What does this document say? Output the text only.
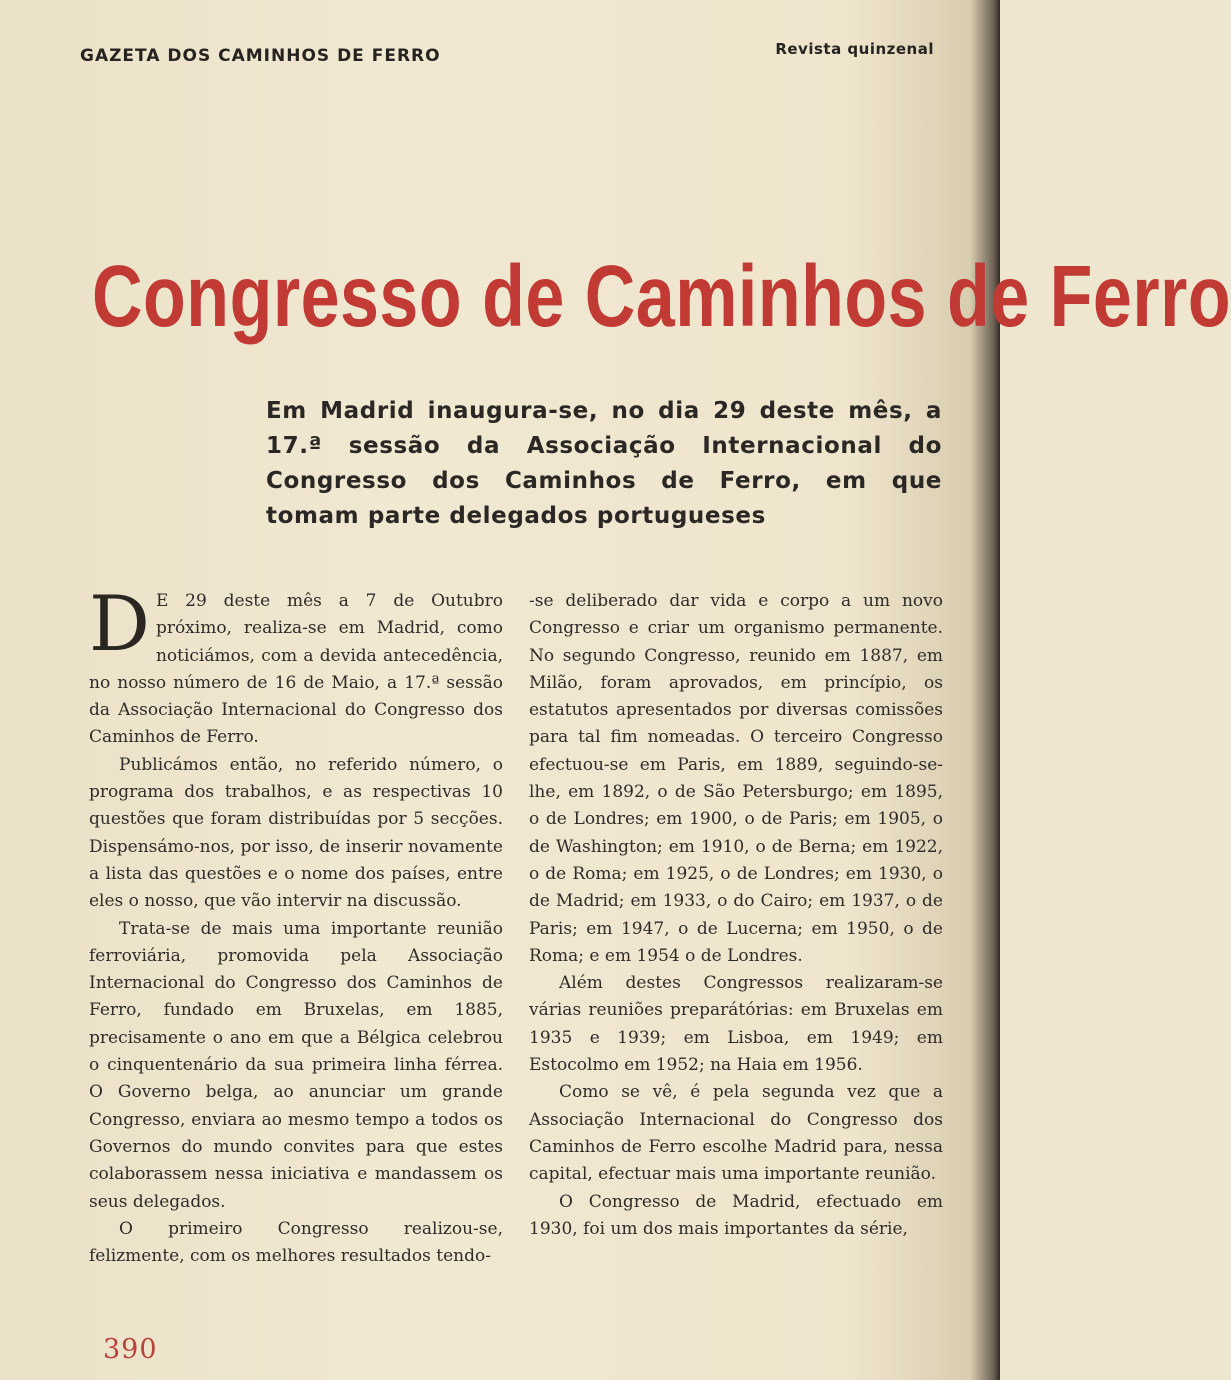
GAZETA DOS CAMINHOS DE FERRO	Revista quinzenal
Congresso de Caminhos de Ferro
Em Madrid inaugura-se, no dia 29 deste mês, a 17.ª sessão da Associação Internacional do Congresso dos Caminhos de Ferro, em que tomam parte delegados portugueses

D E 29 deste mês a 7 de Outubro próximo, realiza-se em Madrid, como noticiámos, com a devida antecedência, no nosso número de 16 de Maio, a 17.ª sessão da Associação Internacional do Congresso dos Caminhos de Ferro.

Publicámos então, no referido número, o programa dos trabalhos, e as respectivas 10 questões que foram distribuídas por 5 secções. Dispensámo-nos, por isso, de inserir novamente a lista das questões e o nome dos países, entre eles o nosso, que vão intervir na discussão.

Trata-se de mais uma importante reunião ferroviária, promovida pela Associação Internacional do Congresso dos Caminhos de Ferro, fundado em Bruxelas, em 1885, precisamente o ano em que a Bélgica celebrou o cinquentenário da sua primeira linha férrea. O Governo belga, ao anunciar um grande Congresso, enviara ao mesmo tempo a todos os Governos do mundo convites para que estes colaborassem nessa iniciativa e mandassem os seus delegados.

O primeiro Congresso realizou-se, felizmente, com os melhores resultados tendo-

-se deliberado dar vida e corpo a um novo Congresso e criar um organismo permanente. No segundo Congresso, reunido em 1887, em Milão, foram aprovados, em princípio, os estatutos apresentados por diversas comissões para tal fim nomeadas. O terceiro Congresso efectuou-se em Paris, em 1889, seguindo-se-lhe, em 1892, o de São Petersburgo; em 1895, o de Londres; em 1900, o de Paris; em 1905, o de Washington; em 1910, o de Berna; em 1922, o de Roma; em 1925, o de Londres; em 1930, o de Madrid; em 1933, o do Cairo; em 1937, o de Paris; em 1947, o de Lucerna; em 1950, o de Roma; e em 1954 o de Londres.

Além destes Congressos realizaram-se várias reuniões preparátórias: em Bruxelas em 1935 e 1939; em Lisboa, em 1949; em Estocolmo em 1952; na Haia em 1956.

Como se vê, é pela segunda vez que a Associação Internacional do Congresso dos Caminhos de Ferro escolhe Madrid para, nessa capital, efectuar mais uma importante reunião.

O Congresso de Madrid, efectuado em 1930, foi um dos mais importantes da série,

390
